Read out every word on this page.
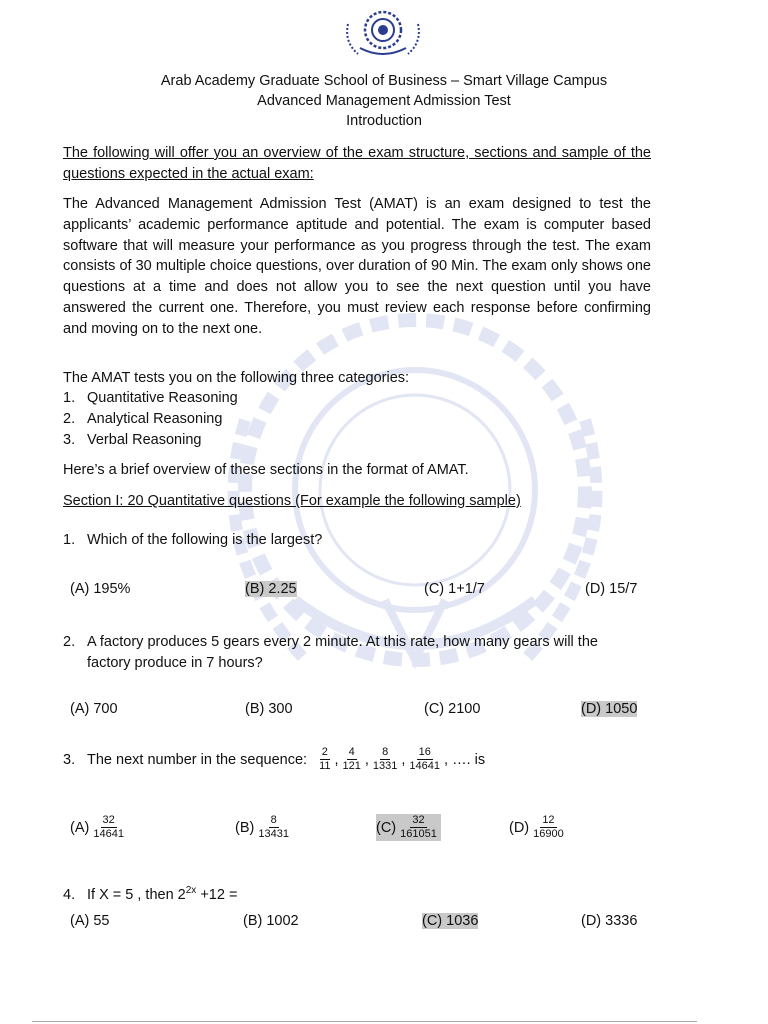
Arab Academy Graduate School of Business – Smart Village Campus
Advanced Management Admission Test
Introduction
The following will offer you an overview of the exam structure, sections and sample of the questions expected in the actual exam:
The Advanced Management Admission Test (AMAT) is an exam designed to test the applicants’ academic performance aptitude and potential. The exam is computer based software that will measure your performance as you progress through the test. The exam consists of 30 multiple choice questions, over duration of 90 Min. The exam only shows one questions at a time and does not allow you to see the next question until you have answered the current one. Therefore, you must review each response before confirming and moving on to the next one.
The AMAT tests you on the following three categories:
1. Quantitative Reasoning
2. Analytical Reasoning
3. Verbal Reasoning
Here’s a brief overview of these sections in the format of AMAT.
Section I: 20 Quantitative questions (For example the following sample)
1. Which of the following is the largest?
(A) 195%	(B) 2.25	(C) 1+1/7	(D) 15/7
2. A factory produces 5 gears every 2 minute. At this rate, how many gears will the
factory produce in 7 hours?
(A) 700	(B) 300	(C) 2100	(D) 1050
3. The next number in the sequence: $\frac{2}{11}$ , $\frac{4}{121}$ , $\frac{8}{1331}$ , $\frac{16}{14641}$ , …. is
$(A) \frac{32}{14641}$	$(B) \frac{8}{13431}$	$(C) \frac{32}{161051}$	$(D) \frac{12}{16900}$
4. If X = 5 , then $2^{2x} +12$ =
(A) 55	(B) 1002	(C) 1036	(D) 3336
